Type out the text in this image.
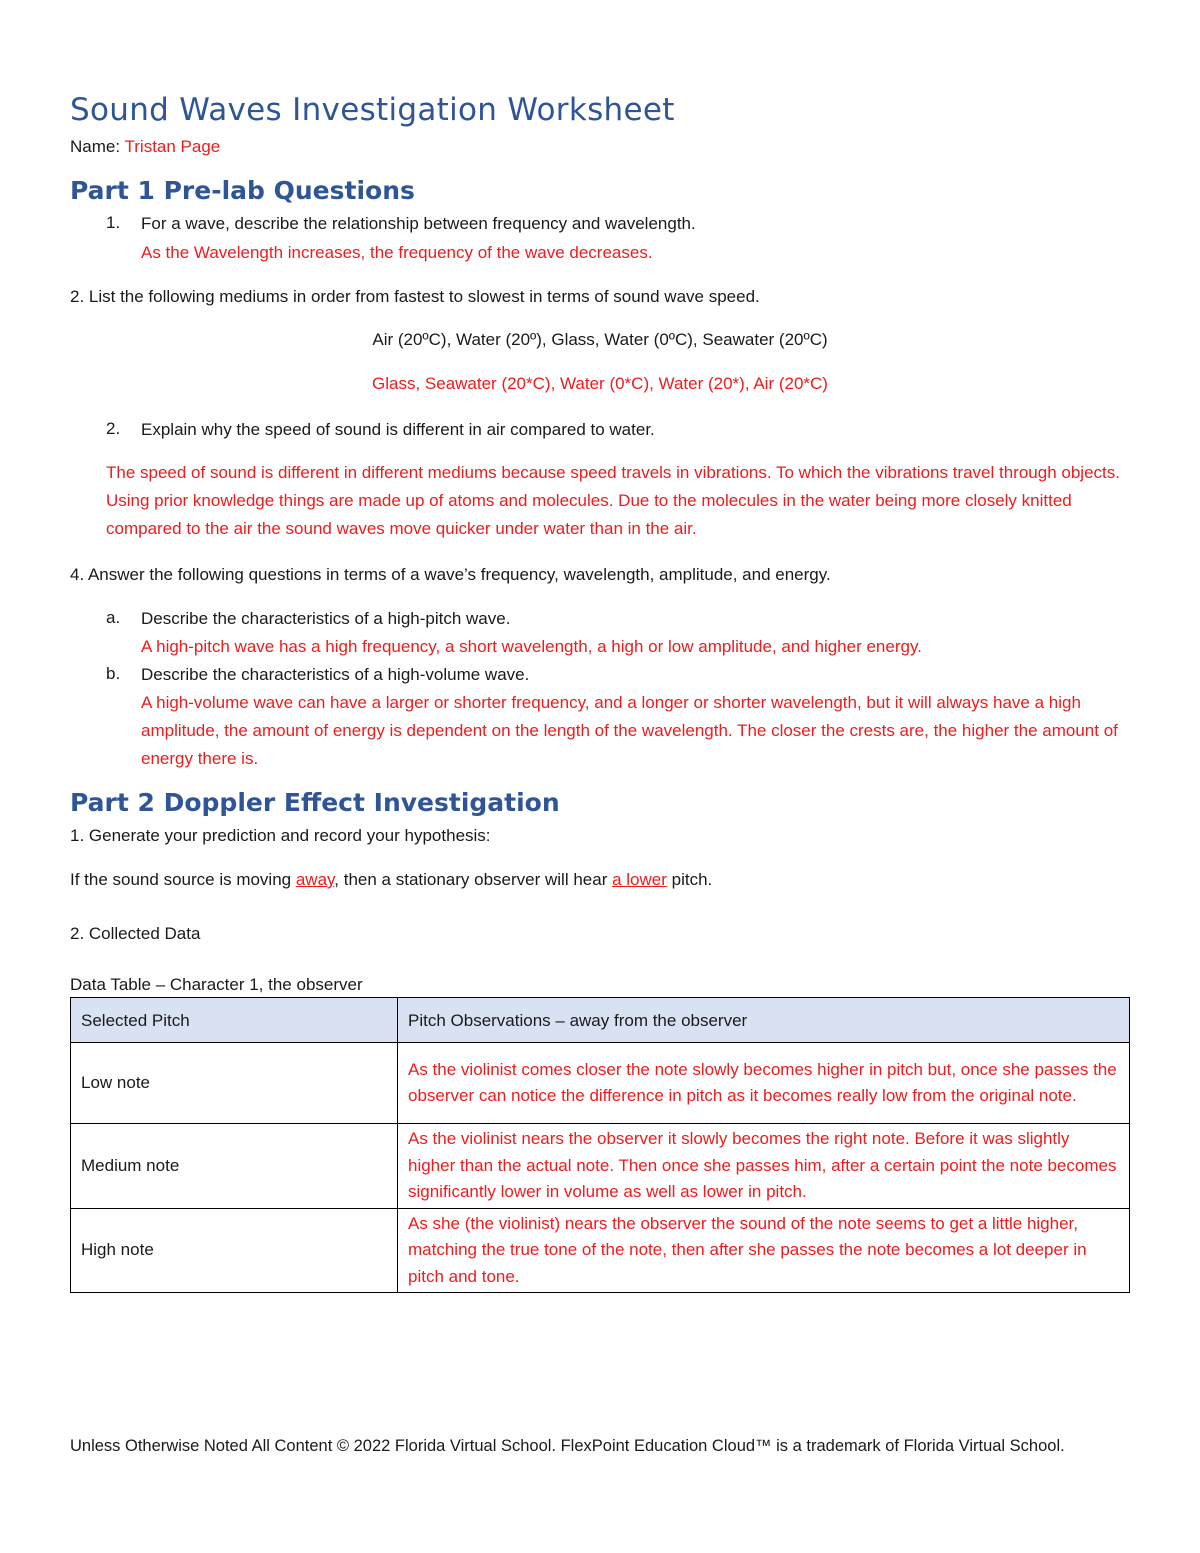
Sound Waves Investigation Worksheet
Name: Tristan Page
Part 1 Pre-lab Questions
1. For a wave, describe the relationship between frequency and wavelength.
As the Wavelength increases, the frequency of the wave decreases.
2. List the following mediums in order from fastest to slowest in terms of sound wave speed.
Air (20ºC), Water (20º), Glass, Water (0ºC), Seawater (20ºC)
Glass, Seawater (20*C), Water (0*C), Water (20*), Air (20*C)
2. Explain why the speed of sound is different in air compared to water.
The speed of sound is different in different mediums because speed travels in vibrations. To which the vibrations travel through objects. Using prior knowledge things are made up of atoms and molecules. Due to the molecules in the water being more closely knitted compared to the air the sound waves move quicker under water than in the air.
4. Answer the following questions in terms of a wave’s frequency, wavelength, amplitude, and energy.
a. Describe the characteristics of a high-pitch wave.
A high-pitch wave has a high frequency, a short wavelength, a high or low amplitude, and higher energy.
b. Describe the characteristics of a high-volume wave.
A high-volume wave can have a larger or shorter frequency, and a longer or shorter wavelength, but it will always have a high amplitude, the amount of energy is dependent on the length of the wavelength. The closer the crests are, the higher the amount of energy there is.
Part 2 Doppler Effect Investigation
1. Generate your prediction and record your hypothesis:
If the sound source is moving away, then a stationary observer will hear a lower pitch.
2. Collected Data
Data Table – Character 1, the observer
Selected Pitch	Pitch Observations – away from the observer
Low note	As the violinist comes closer the note slowly becomes higher in pitch but, once she passes the observer can notice the difference in pitch as it becomes really low from the original note.
Medium note	As the violinist nears the observer it slowly becomes the right note. Before it was slightly higher than the actual note. Then once she passes him, after a certain point the note becomes significantly lower in volume as well as lower in pitch.
High note	As she (the violinist) nears the observer the sound of the note seems to get a little higher, matching the true tone of the note, then after she passes the note becomes a lot deeper in pitch and tone.
Unless Otherwise Noted All Content © 2022 Florida Virtual School. FlexPoint Education Cloud™ is a trademark of Florida Virtual School.
